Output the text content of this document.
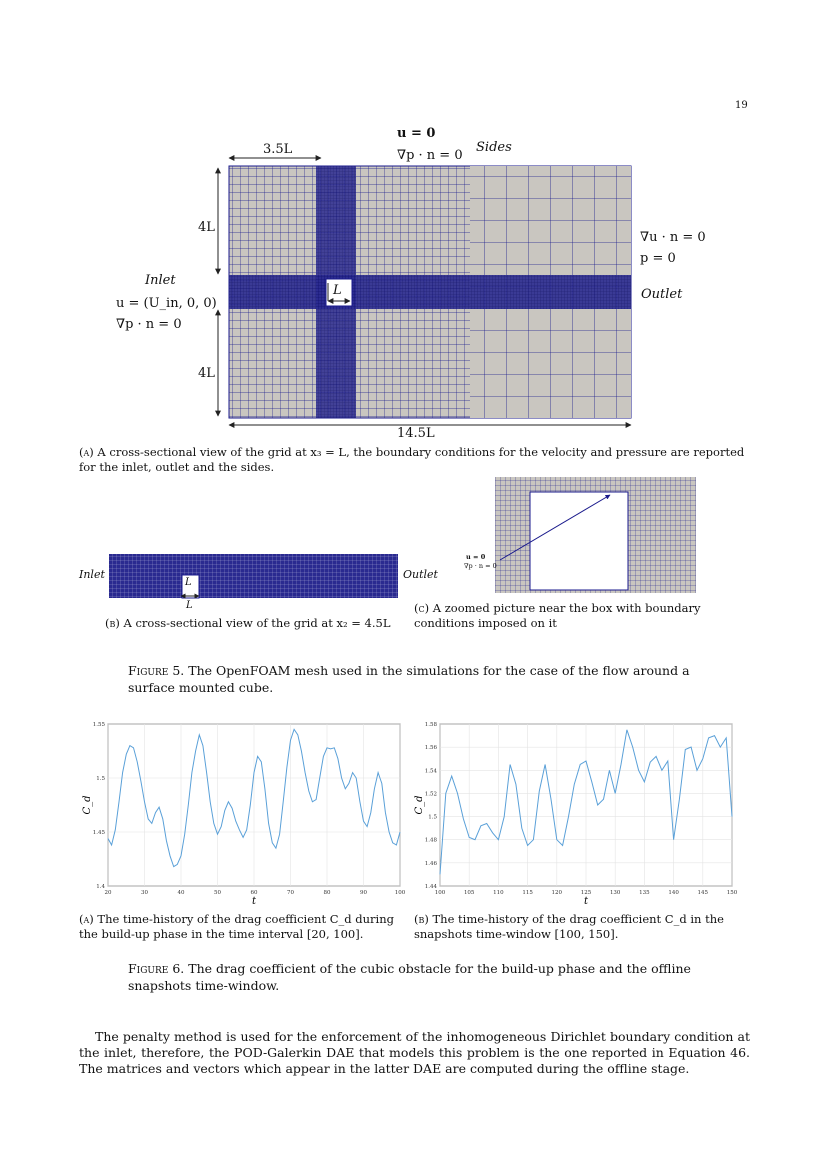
19
u = 0
∇p · n = 0
Sides
3.5L
4L
4L
14.5L
L
Inlet
u = (U_in, 0, 0)
∇p · n = 0
∇u · n = 0
p = 0
Outlet
(a) A cross-sectional view of the grid at x₃ = L, the boundary conditions for the velocity and pressure are reported for the inlet, outlet and the sides.
Inlet	Outlet
L
L
(b) A cross-sectional view of the grid at x₂ = 4.5L
u = 0
∇p · n = 0
(c) A zoomed picture near the box with boundary conditions imposed on it
Figure 5. The OpenFOAM mesh used in the simulations for the case of the flow around a surface mounted cube.
20	30	40	50	60	70	80	90	100
1.4
1.45
1.5
1.55
t
C_d
100	105	110	115	120	125	130	135	140	145	150
1.44
1.46
1.48
1.5
1.52
1.54
1.56
1.58
t
C_d
(a) The time-history of the drag coefficient C_d during the build-up phase in the time interval [20, 100].
(b) The time-history of the drag coefficient C_d in the snapshots time-window [100, 150].
Figure 6. The drag coefficient of the cubic obstacle for the build-up phase and the offline snapshots time-window.
The penalty method is used for the enforcement of the inhomogeneous Dirichlet boundary condition at the inlet, therefore, the POD-Galerkin DAE that models this problem is the one reported in Equation 46. The matrices and vectors which appear in the latter DAE are computed during the offline stage.
